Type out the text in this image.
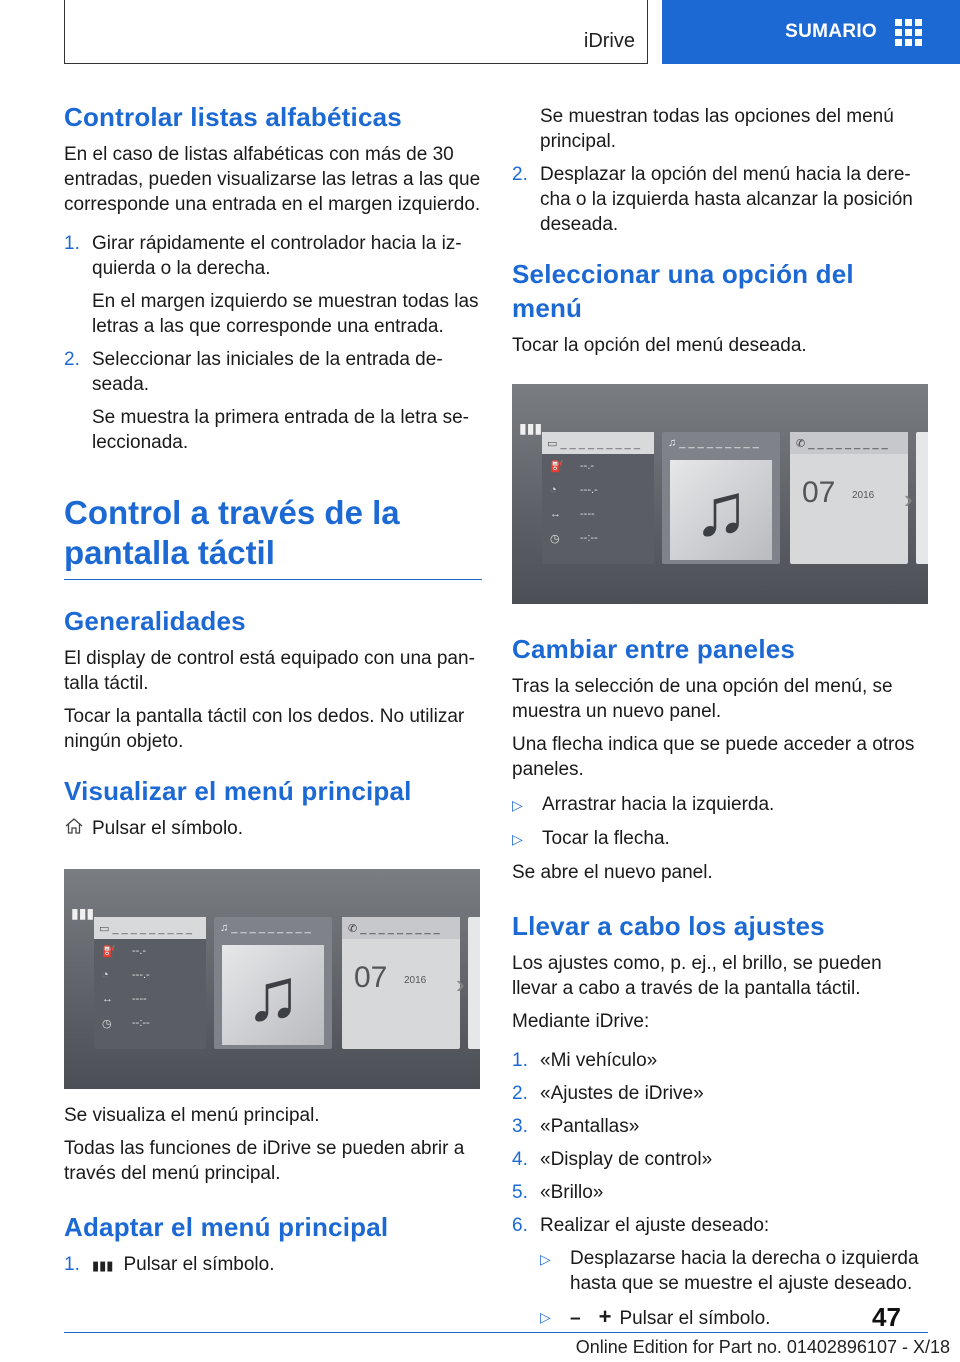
iDrive	SUMARIO
Controlar listas alfabéticas

En el caso de listas alfabéticas con más de 30 entradas, pueden visualizarse las letras a las que corresponde una entrada en el margen izquierdo.

1. Girar rápidamente el controlador hacia la iz‐quierda o la derecha.
En el margen izquierdo se muestran todas las letras a las que corresponde una entrada.
2. Seleccionar las iniciales de la entrada de‐seada.
Se muestra la primera entrada de la letra se‐leccionada.
Control a través de la pantalla táctil
Generalidades

El display de control está equipado con una pan‐talla táctil.

Tocar la pantalla táctil con los dedos. No utilizar ningún objeto.

Visualizar el menú principal
Pulsar el símbolo.
▮▮▮
▭ _ _ _ _ _ _ _ _ _
⛽	--.-
◔	---.-
↔	----
◷	--:--
♫ _ _ _ _ _ _ _ _ _
♫
✆ _ _ _ _ _ _ _ _ _
07 2016 ›

Se visualiza el menú principal.

Todas las funciones de iDrive se pueden abrir a través del menú principal.

Adaptar el menú principal
1. ▮▮▮ Pulsar el símbolo.
Se muestran todas las opciones del menú principal.
2. Desplazar la opción del menú hacia la dere‐cha o la izquierda hasta alcanzar la posición deseada.
Seleccionar una opción del menú

Tocar la opción del menú deseada.

▮▮▮
▭ _ _ _ _ _ _ _ _ _
⛽	--.-
◔	---.-
↔	----
◷	--:--
♫ _ _ _ _ _ _ _ _ _
♫
✆ _ _ _ _ _ _ _ _ _
07 2016 ›
Cambiar entre paneles

Tras la selección de una opción del menú, se muestra un nuevo panel.

Una flecha indica que se puede acceder a otros paneles.

▷	Arrastrar hacia la izquierda.
▷	Tocar la flecha.

Se abre el nuevo panel.

Llevar a cabo los ajustes

Los ajustes como, p. ej., el brillo, se pueden llevar a cabo a través de la pantalla táctil.

Mediante iDrive:

1. «Mi vehículo»
2. «Ajustes de iDrive»
3. «Pantallas»
4. «Display de control»
5. «Brillo»
6. Realizar el ajuste deseado:
▷	Desplazarse hacia la derecha o izquierda hasta que se muestre el ajuste deseado.
▷	– + Pulsar el símbolo.	47
Online Edition for Part no. 01402896107 - X/18
